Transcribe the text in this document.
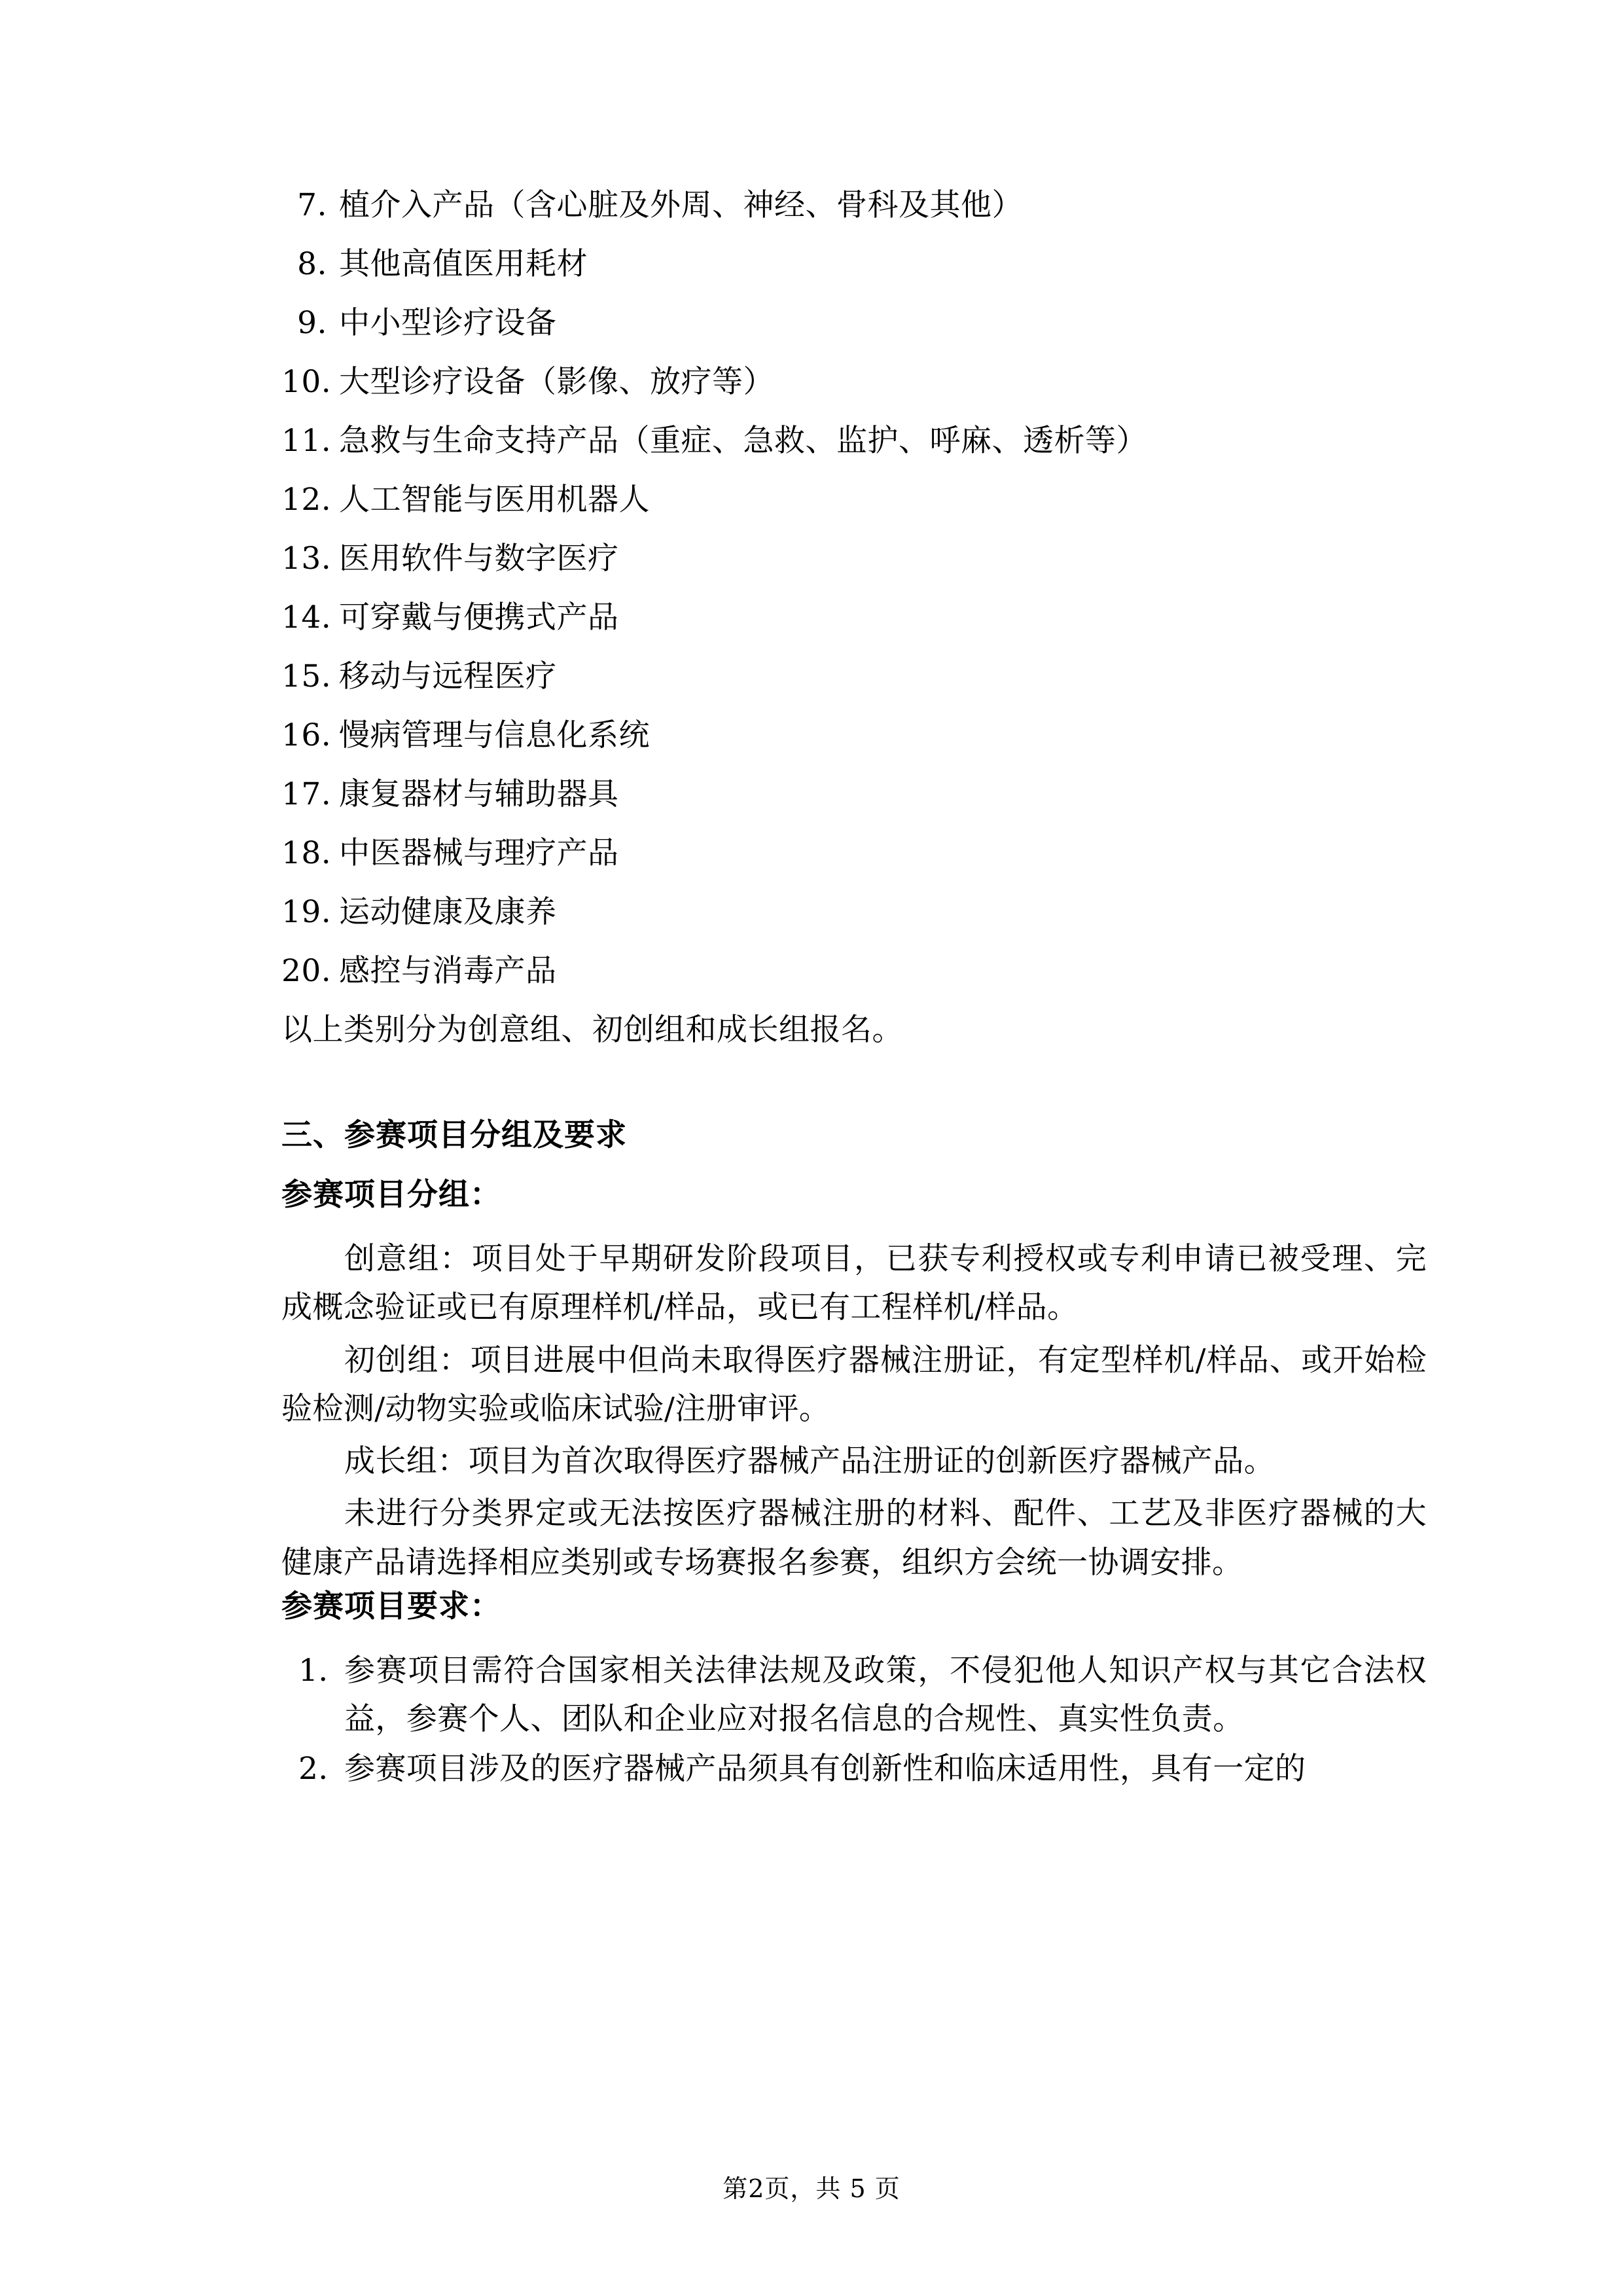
7. 植介入产品（含心脏及外周、神经、骨科及其他）
8. 其他高值医用耗材
9. 中小型诊疗设备
10. 大型诊疗设备（影像、放疗等）
11. 急救与生命支持产品（重症、急救、监护、呼麻、透析等）
12. 人工智能与医用机器人
13. 医用软件与数字医疗
14. 可穿戴与便携式产品
15. 移动与远程医疗
16. 慢病管理与信息化系统
17. 康复器材与辅助器具
18. 中医器械与理疗产品
19. 运动健康及康养
20. 感控与消毒产品

以上类别分为创意组、初创组和成长组报名。

三、参赛项目分组及要求
参赛项目分组：

创意组：项目处于早期研发阶段项目，已获专利授权或专利申请已被受理、完成概念验证或已有原理样机/样品，或已有工程样机/样品。

初创组：项目进展中但尚未取得医疗器械注册证，有定型样机/样品、或开始检验检测/动物实验或临床试验/注册审评。

成长组：项目为首次取得医疗器械产品注册证的创新医疗器械产品。

未进行分类界定或无法按医疗器械注册的材料、配件、工艺及非医疗器械的大健康产品请选择相应类别或专场赛报名参赛，组织方会统一协调安排。

参赛项目要求：
1. 参赛项目需符合国家相关法律法规及政策，不侵犯他人知识产权与其它合法权益，参赛个人、团队和企业应对报名信息的合规性、真实性负责。
2. 参赛项目涉及的医疗器械产品须具有创新性和临床适用性，具有一定的
第2页，共 5 页
